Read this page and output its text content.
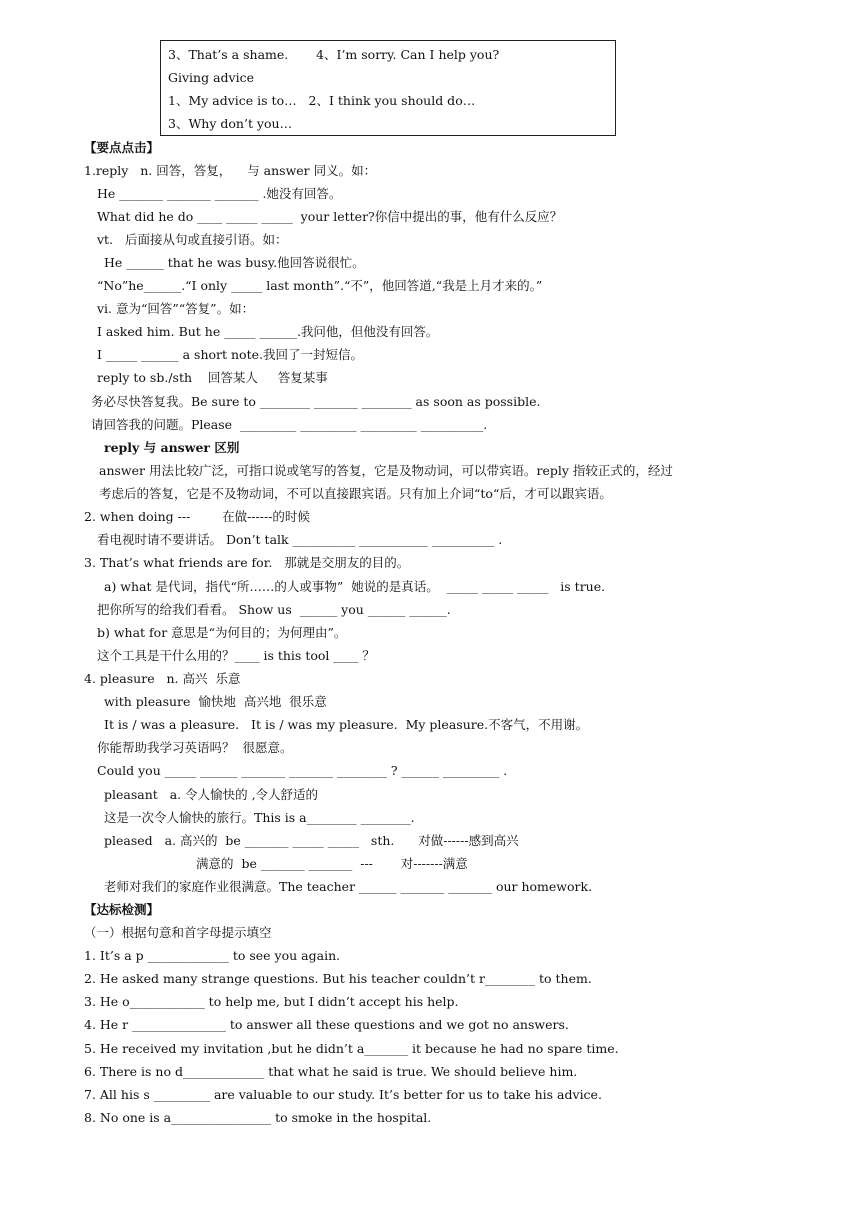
3、That’s a shame.       4、I’m sorry. Can I help you?
Giving advice
1、My advice is to…   2、I think you should do…
3、Why don’t you…
【要点点击】
1.reply   n. 回答，答复，    与 answer 同义。如：
He _______ _______ _______ .她没有回答。
What did he do ____ _____ _____  your letter?你信中提出的事，他有什么反应？
vt.   后面接从句或直接引语。如：
He ______ that he was busy.他回答说很忙。
“No”he______.“I only _____ last month”.“不”，他回答道,“我是上月才来的。”
vi. 意为“回答”“答复”。如：
I asked him. But he _____ ______.我问他，但他没有回答。
I _____ ______ a short note.我回了一封短信。
reply to sb./sth    回答某人     答复某事
务必尽快答复我。Be sure to ________ _______ ________ as soon as possible.
请回答我的问题。Please  _________ _________ _________ __________.
reply 与 answer 区别
answer 用法比较广泛，可指口说或笔写的答复，它是及物动词，可以带宾语。reply 指较正式的，经过
考虑后的答复，它是不及物动词，不可以直接跟宾语。只有加上介词“to“后，才可以跟宾语。
2. when doing ---        在做------的时候
看电视时请不要讲话。 Don’t talk __________ ___________ __________ .
3. That’s what friends are for.   那就是交朋友的目的。
a) what 是代词，指代“所……的人或事物”  她说的是真话。  _____ _____ _____   is true.
把你所写的给我们看看。 Show us  ______ you ______ ______.
b) what for 意思是“为何目的；为何理由”。
这个工具是干什么用的？____ is this tool ____ ？
4. pleasure   n. 高兴  乐意
with pleasure  愉快地  高兴地  很乐意
It is / was a pleasure.   It is / was my pleasure.  My pleasure.不客气，不用谢。
你能帮助我学习英语吗？  很愿意。
Could you _____ ______ _______ _______ ________ ? ______ _________ .
pleasant   a. 令人愉快的 ,令人舒适的
这是一次令人愉快的旅行。This is a________ ________.
pleased   a. 高兴的  be _______ _____ _____   sth.      对做------感到高兴
满意的  be _______ _______  ---       对-------满意
老师对我们的家庭作业很满意。The teacher ______ _______ _______ our homework.
【达标检测】
（一）根据句意和首字母提示填空
1. It’s a p _____________ to see you again.
2. He asked many strange questions. But his teacher couldn’t r________ to them.
3. He o____________ to help me, but I didn’t accept his help.
4. He r _______________ to answer all these questions and we got no answers.
5. He received my invitation ,but he didn’t a_______ it because he had no spare time.
6. There is no d_____________ that what he said is true. We should believe him.
7. All his s _________ are valuable to our study. It’s better for us to take his advice.
8. No one is a________________ to smoke in the hospital.
